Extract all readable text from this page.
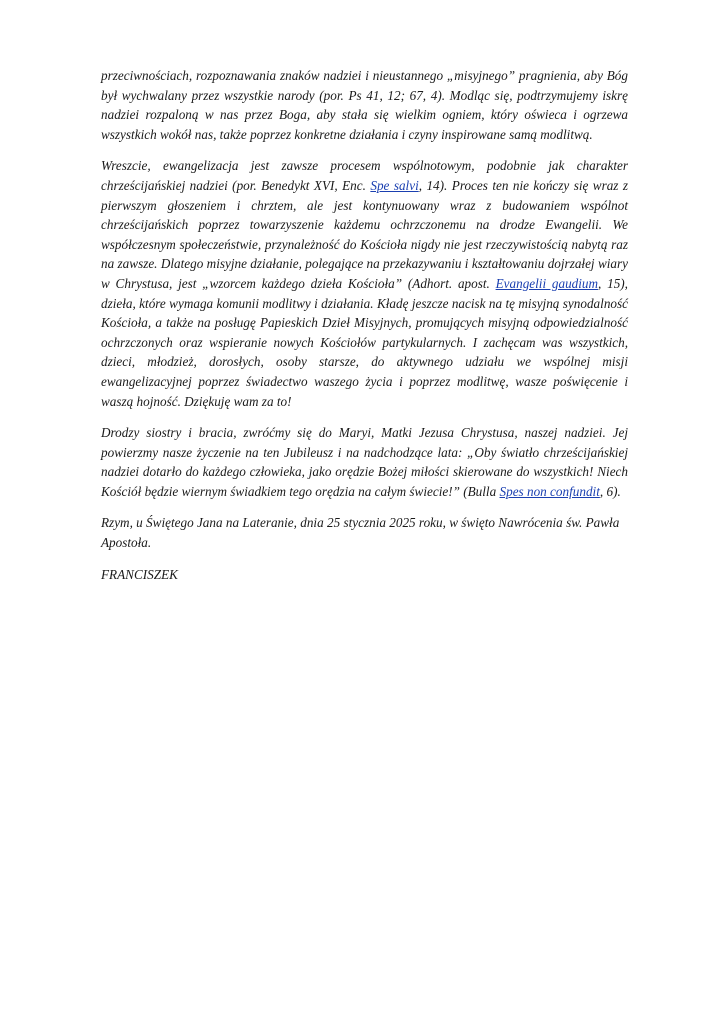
przeciwnościach, rozpoznawania znaków nadziei i nieustannego „misyjnego” pragnienia, aby Bóg był wychwalany przez wszystkie narody (por. Ps 41, 12; 67, 4). Modląc się, podtrzymujemy iskrę nadziei rozpaloną w nas przez Boga, aby stała się wielkim ogniem, który oświeca i ogrzewa wszystkich wokół nas, także poprzez konkretne działania i czyny inspirowane samą modlitwą.

Wreszcie, ewangelizacja jest zawsze procesem wspólnotowym, podobnie jak charakter chrześcijańskiej nadziei (por. Benedykt XVI, Enc. Spe salvi, 14). Proces ten nie kończy się wraz z pierwszym głoszeniem i chrztem, ale jest kontynuowany wraz z budowaniem wspólnot chrześcijańskich poprzez towarzyszenie każdemu ochrzczonemu na drodze Ewangelii. We współczesnym społeczeństwie, przynależność do Kościoła nigdy nie jest rzeczywistością nabytą raz na zawsze. Dlatego misyjne działanie, polegające na przekazywaniu i kształtowaniu dojrzałej wiary w Chrystusa, jest „wzorcem każdego dzieła Kościoła” (Adhort. apost. Evangelii gaudium, 15), dzieła, które wymaga komunii modlitwy i działania. Kładę jeszcze nacisk na tę misyjną synodalność Kościoła, a także na posługę Papieskich Dzieł Misyjnych, promujących misyjną odpowiedzialność ochrzczonych oraz wspieranie nowych Kościołów partykularnych. I zachęcam was wszystkich, dzieci, młodzież, dorosłych, osoby starsze, do aktywnego udziału we wspólnej misji ewangelizacyjnej poprzez świadectwo waszego życia i poprzez modlitwę, wasze poświęcenie i waszą hojność. Dziękuję wam za to!

Drodzy siostry i bracia, zwróćmy się do Maryi, Matki Jezusa Chrystusa, naszej nadziei. Jej powierzmy nasze życzenie na ten Jubileusz i na nadchodzące lata: „Oby światło chrześcijańskiej nadziei dotarło do każdego człowieka, jako orędzie Bożej miłości skierowane do wszystkich! Niech Kościół będzie wiernym świadkiem tego orędzia na całym świecie!” (Bulla Spes non confundit, 6).

Rzym, u Świętego Jana na Lateranie, dnia 25 stycznia 2025 roku, w święto Nawrócenia św. Pawła Apostoła.

FRANCISZEK
